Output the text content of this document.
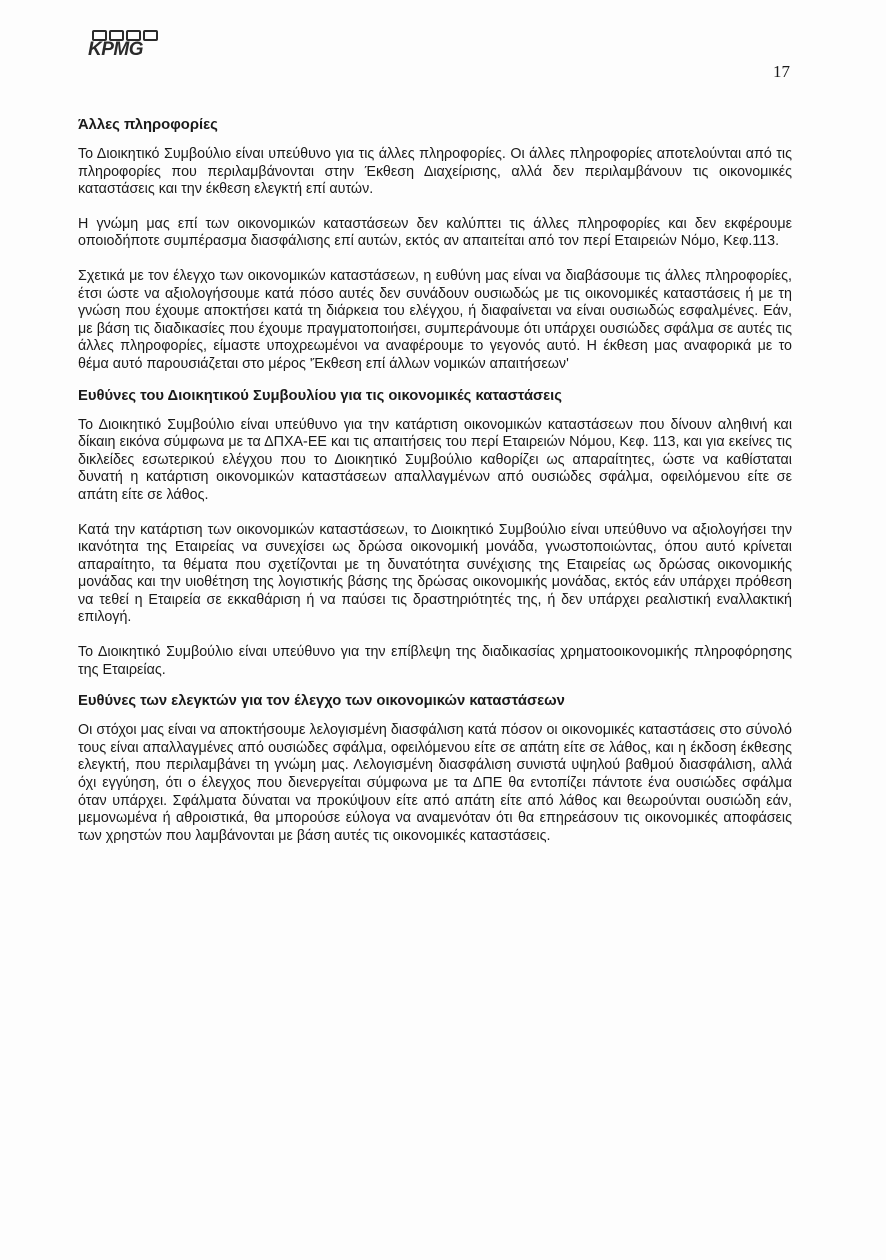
KPMG
17
Άλλες πληροφορίες

Το Διοικητικό Συμβούλιο είναι υπεύθυνο για τις άλλες πληροφορίες. Οι άλλες πληροφορίες αποτελούνται από τις πληροφορίες που περιλαμβάνονται στην Έκθεση Διαχείρισης, αλλά δεν περιλαμβάνουν τις οικονομικές καταστάσεις και την έκθεση ελεγκτή επί αυτών.

Η γνώμη μας επί των οικονομικών καταστάσεων δεν καλύπτει τις άλλες πληροφορίες και δεν εκφέρουμε οποιοδήποτε συμπέρασμα διασφάλισης επί αυτών, εκτός αν απαιτείται από τον περί Εταιρειών Νόμο, Κεφ.113.

Σχετικά με τον έλεγχο των οικονομικών καταστάσεων, η ευθύνη μας είναι να διαβάσουμε τις άλλες πληροφορίες, έτσι ώστε να αξιολογήσουμε κατά πόσο αυτές δεν συνάδουν ουσιωδώς με τις οικονομικές καταστάσεις ή με τη γνώση που έχουμε αποκτήσει κατά τη διάρκεια του ελέγχου, ή διαφαίνεται να είναι ουσιωδώς εσφαλμένες. Εάν, με βάση τις διαδικασίες που έχουμε πραγματοποιήσει, συμπεράνουμε ότι υπάρχει ουσιώδες σφάλμα σε αυτές τις άλλες πληροφορίες, είμαστε υποχρεωμένοι να αναφέρουμε το γεγονός αυτό. Η έκθεση μας αναφορικά με το θέμα αυτό παρουσιάζεται στο μέρος 'Έκθεση επί άλλων νομικών απαιτήσεων'

Ευθύνες του Διοικητικού Συμβουλίου για τις οικονομικές καταστάσεις

Το Διοικητικό Συμβούλιο είναι υπεύθυνο για την κατάρτιση οικονομικών καταστάσεων που δίνουν αληθινή και δίκαιη εικόνα σύμφωνα με τα ΔΠΧΑ-ΕΕ και τις απαιτήσεις του περί Εταιρειών Νόμου, Κεφ. 113, και για εκείνες τις δικλείδες εσωτερικού ελέγχου που το Διοικητικό Συμβούλιο καθορίζει ως απαραίτητες, ώστε να καθίσταται δυνατή η κατάρτιση οικονομικών καταστάσεων απαλλαγμένων από ουσιώδες σφάλμα, οφειλόμενου είτε σε απάτη είτε σε λάθος.

Κατά την κατάρτιση των οικονομικών καταστάσεων, το Διοικητικό Συμβούλιο είναι υπεύθυνο να αξιολογήσει την ικανότητα της Εταιρείας να συνεχίσει ως δρώσα οικονομική μονάδα, γνωστοποιώντας, όπου αυτό κρίνεται απαραίτητο, τα θέματα που σχετίζονται με τη δυνατότητα συνέχισης της Εταιρείας ως δρώσας οικονομικής μονάδας και την υιοθέτηση της λογιστικής βάσης της δρώσας οικονομικής μονάδας, εκτός εάν υπάρχει πρόθεση να τεθεί η Εταιρεία σε εκκαθάριση ή να παύσει τις δραστηριότητές της, ή δεν υπάρχει ρεαλιστική εναλλακτική επιλογή.

Το Διοικητικό Συμβούλιο είναι υπεύθυνο για την επίβλεψη της διαδικασίας χρηματοοικονομικής πληροφόρησης της Εταιρείας.

Ευθύνες των ελεγκτών για τον έλεγχο των οικονομικών καταστάσεων

Οι στόχοι μας είναι να αποκτήσουμε λελογισμένη διασφάλιση κατά πόσον οι οικονομικές καταστάσεις στο σύνολό τους είναι απαλλαγμένες από ουσιώδες σφάλμα, οφειλόμενου είτε σε απάτη είτε σε λάθος, και η έκδοση έκθεσης ελεγκτή, που περιλαμβάνει τη γνώμη μας. Λελογισμένη διασφάλιση συνιστά υψηλού βαθμού διασφάλιση, αλλά όχι εγγύηση, ότι ο έλεγχος που διενεργείται σύμφωνα με τα ΔΠΕ θα εντοπίζει πάντοτε ένα ουσιώδες σφάλμα όταν υπάρχει. Σφάλματα δύναται να προκύψουν είτε από απάτη είτε από λάθος και θεωρούνται ουσιώδη εάν, μεμονωμένα ή αθροιστικά, θα μπορούσε εύλογα να αναμενόταν ότι θα επηρεάσουν τις οικονομικές αποφάσεις των χρηστών που λαμβάνονται με βάση αυτές τις οικονομικές καταστάσεις.
